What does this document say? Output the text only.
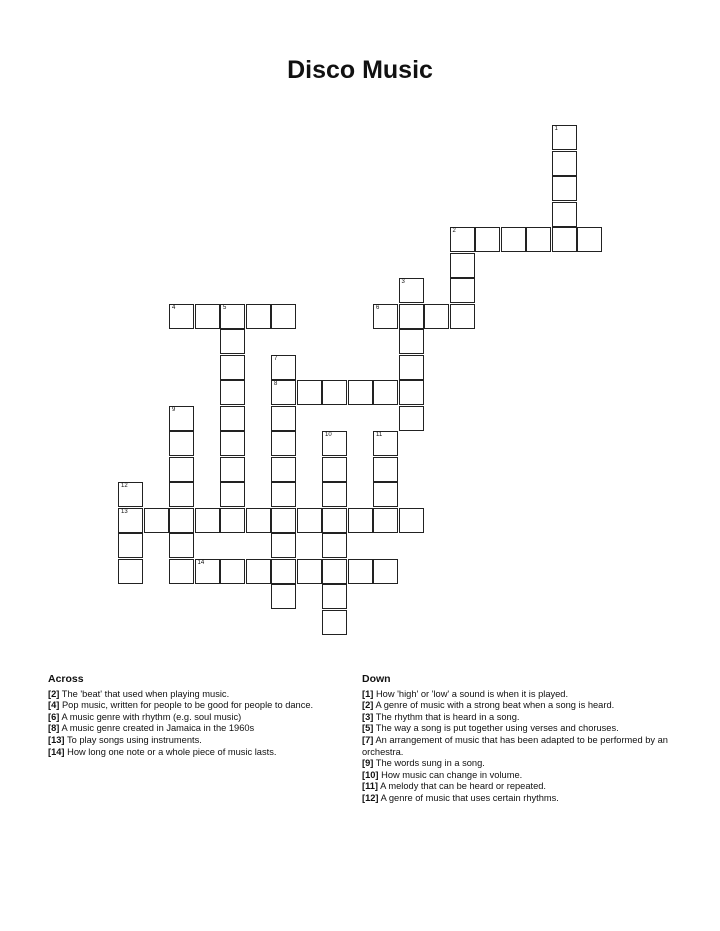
Disco Music
2
4	5	6
8
13
14
1
3
7
9
10	11
12
Across

[2] The 'beat' that used when playing music.

[4] Pop music, written for people to be good for people to dance.

[6] A music genre with rhythm (e.g. soul music)

[8] A music genre created in Jamaica in the 1960s

[13] To play songs using instruments.

[14] How long one note or a whole piece of music lasts.

Down

[1] How 'high' or 'low' a sound is when it is played.

[2] A genre of music with a strong beat when a song is heard.

[3] The rhythm that is heard in a song.

[5] The way a song is put together using verses and choruses.

[7] An arrangement of music that has been adapted to be performed by an orchestra.

[9] The words sung in a song.

[10] How music can change in volume.

[11] A melody that can be heard or repeated.

[12] A genre of music that uses certain rhythms.
